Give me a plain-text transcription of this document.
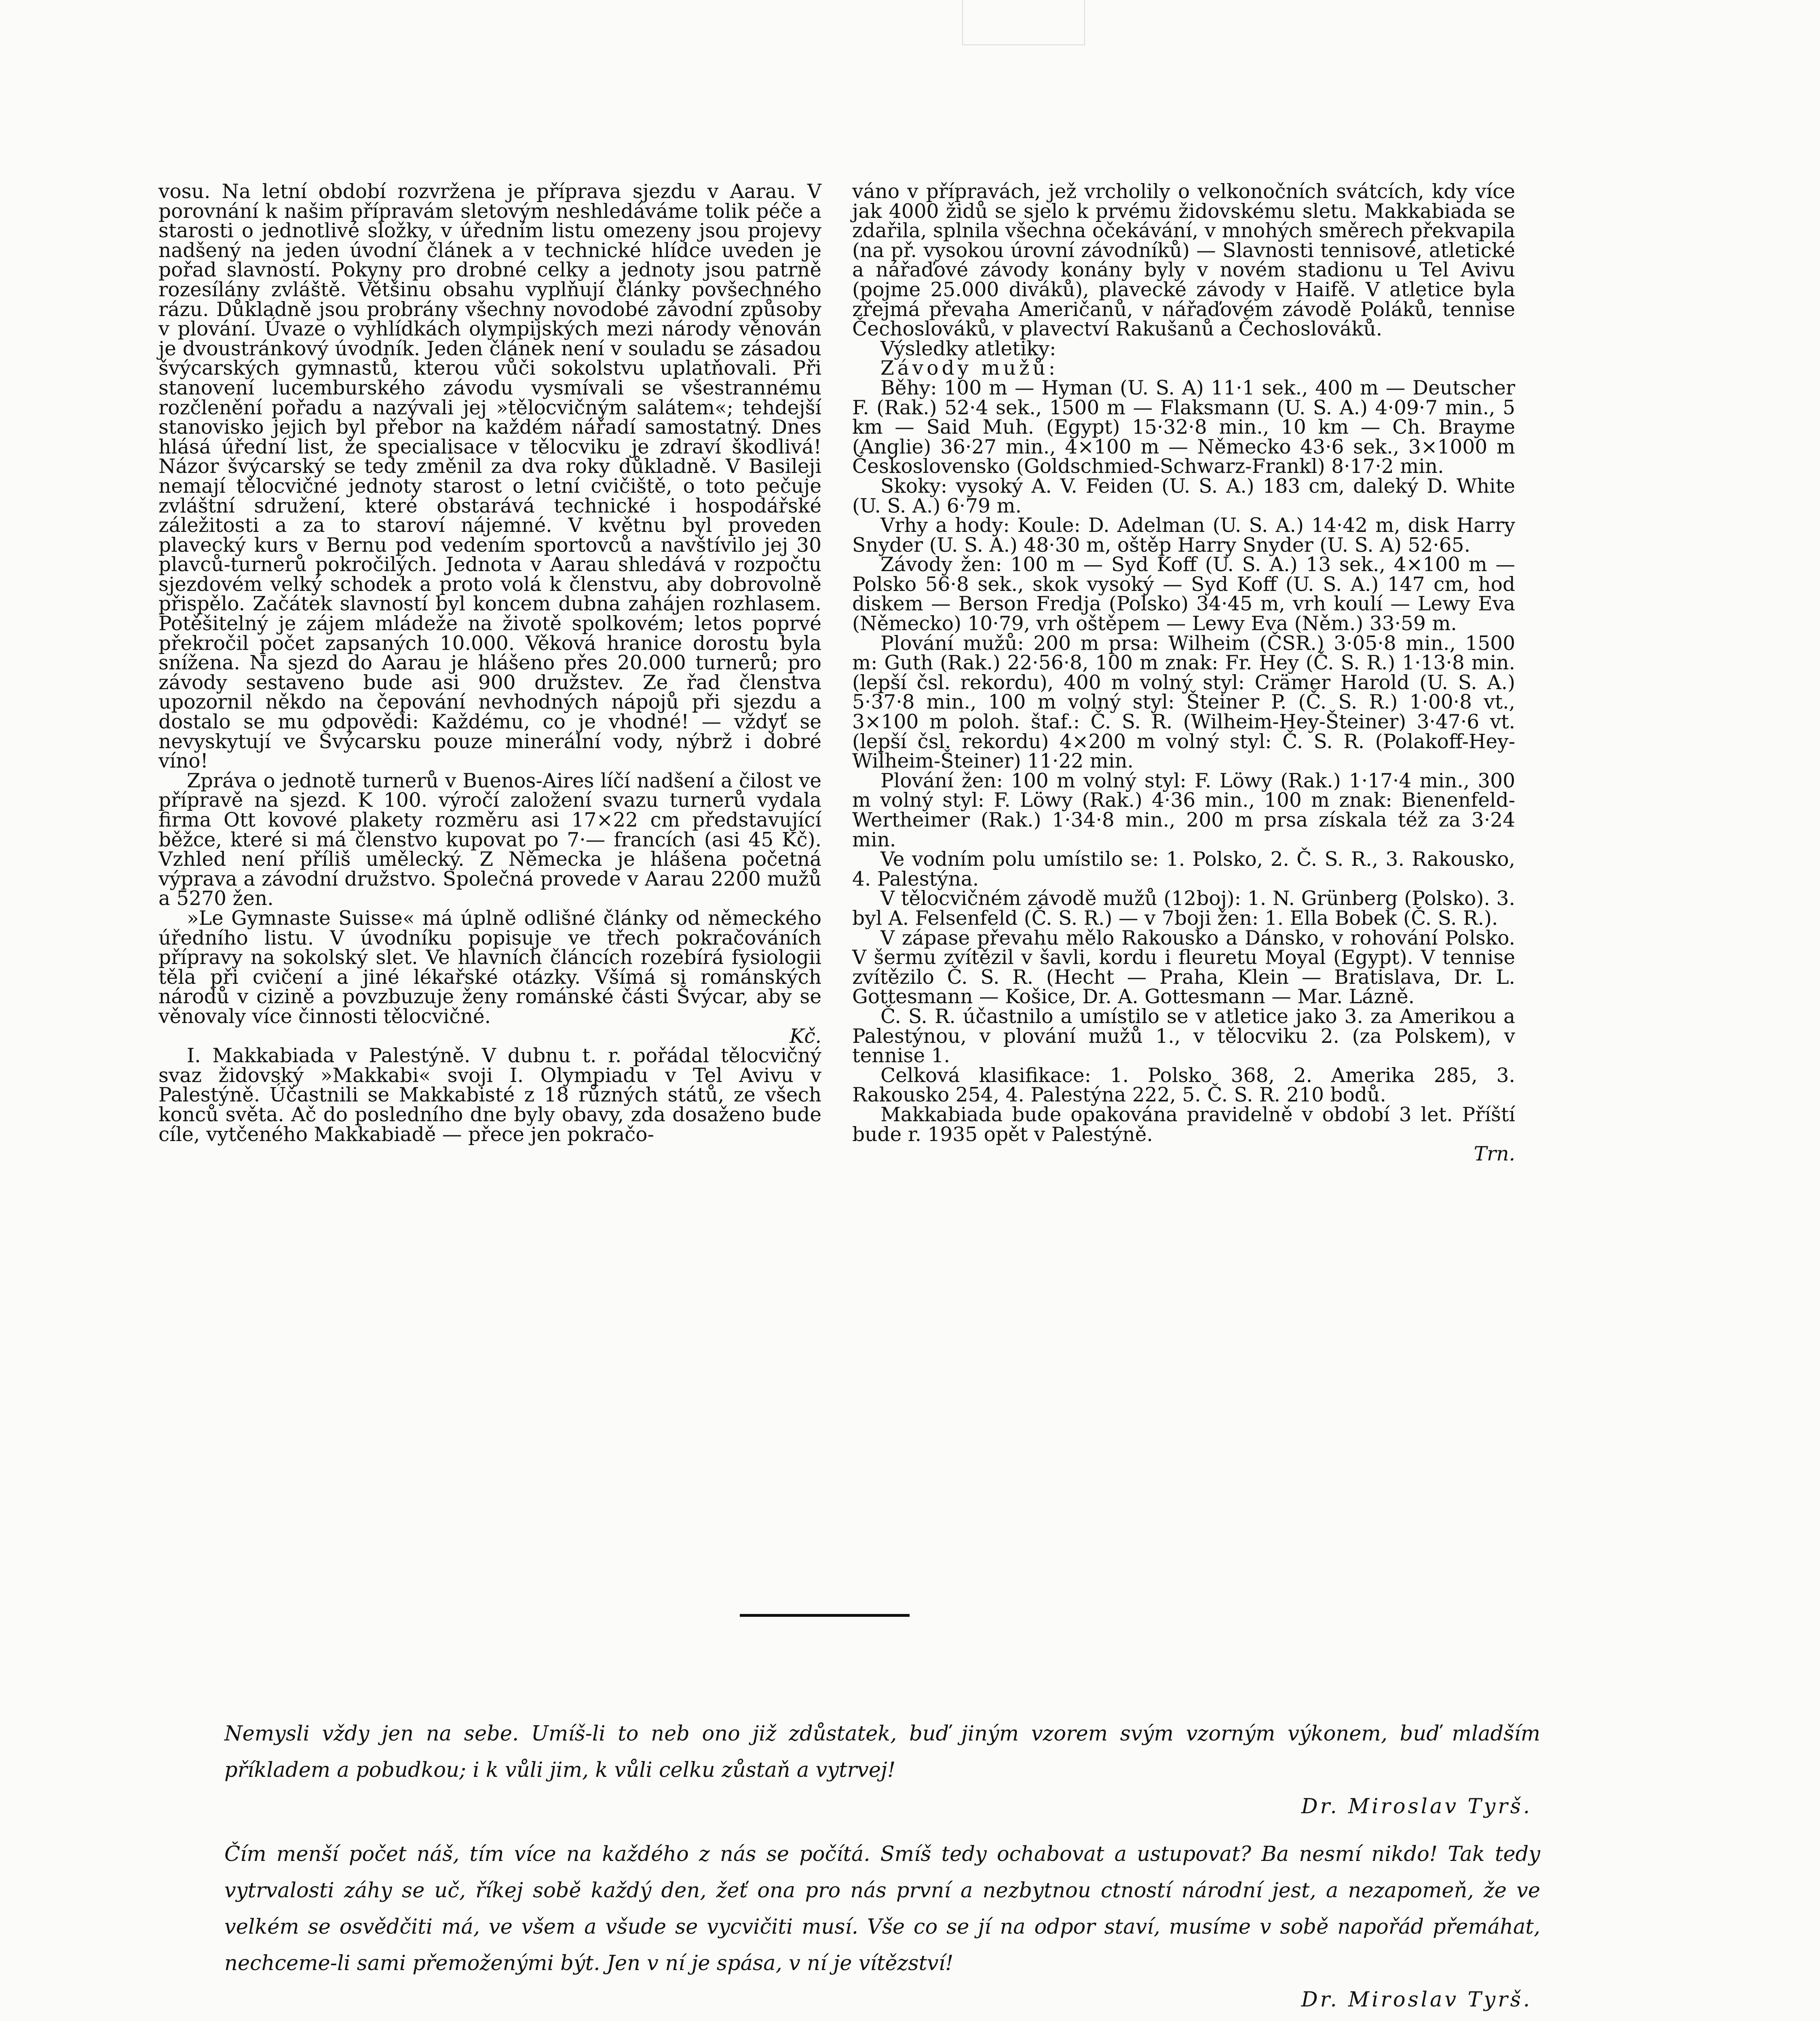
vosu. Na letní období rozvržena je příprava sjezdu v Aarau. V porovnání k našim přípravám sletovým neshledáváme tolik péče a starosti o jednotlivé složky, v úředním listu omezeny jsou projevy nadšený na jeden úvodní článek a v technické hlídce uveden je pořad slavností. Pokyny pro drobné celky a jednoty jsou patrně rozesílány zvláště. Většinu obsahu vyplňují články povšechného rázu. Důkladně jsou probrány všechny novodobé závodní způsoby v plování. Úvaze o vyhlídkách olympijských mezi národy věnován je dvoustránkový úvodník. Jeden článek není v souladu se zásadou švýcarských gymnastů, kterou vůči sokolstvu uplatňovali. Při stanovení lucemburského závodu vysmívali se všestrannému rozčlenění pořadu a nazývali jej »tělocvičným salátem«; tehdejší stanovisko jejich byl přebor na každém nářadí samostatný. Dnes hlásá úřední list, že specialisace v tělocviku je zdraví škodlivá! Názor švýcarský se tedy změnil za dva roky důkladně. V Basileji nemají tělocvičné jednoty starost o letní cvičiště, o toto pečuje zvláštní sdružení, které obstarává technické i hospodářské záležitosti a za to staroví nájemné. V květnu byl proveden plavecký kurs v Bernu pod vedením sportovců a navštívilo jej 30 plavců-turnerů pokročilých. Jednota v Aarau shledává v rozpočtu sjezdovém velký schodek a proto volá k členstvu, aby dobrovolně přispělo. Začátek slavností byl koncem dubna zahájen rozhlasem. Potěšitelný je zájem mládeže na životě spolkovém; letos poprvé překročil počet zapsaných 10.000. Věková hranice dorostu byla snížena. Na sjezd do Aarau je hlášeno přes 20.000 turnerů; pro závody sestaveno bude asi 900 družstev. Ze řad členstva upozornil někdo na čepování nevhodných nápojů při sjezdu a dostalo se mu odpovědi: Každému, co je vhodné! — vždyť se nevyskytují ve Švýcarsku pouze minerální vody, nýbrž i dobré víno!

Zpráva o jednotě turnerů v Buenos-Aires líčí nadšení a čilost ve přípravě na sjezd. K 100. výročí založení svazu turnerů vydala firma Ott kovové plakety rozměru asi 17×22 cm představující běžce, které si má členstvo kupovat po 7·— francích (asi 45 Kč). Vzhled není příliš umělecký. Z Německa je hlášena početná výprava a závodní družstvo. Společná provede v Aarau 2200 mužů a 5270 žen.

»Le Gymnaste Suisse« má úplně odlišné články od německého úředního listu. V úvodníku popisuje ve třech pokračováních přípravy na sokolský slet. Ve hlavních článcích rozebírá fysiologii těla při cvičení a jiné lékařské otázky. Všímá si románských národů v cizině a povzbuzuje ženy románské části Švýcar, aby se věnovaly více činnosti tělocvičné.

Kč.

I. Makkabiada v Palestýně. V dubnu t. r. pořádal tělocvičný svaz židovský »Makkabi« svoji I. Olympiadu v Tel Avivu v Palestýně. Účastnili se Makkabisté z 18 různých států, ze všech konců světa. Ač do posledního dne byly obavy, zda dosaženo bude cíle, vytčeného Makkabiadě — přece jen pokračo-

váno v přípravách, jež vrcholily o velkonočních svátcích, kdy více jak 4000 židů se sjelo k prvému židovskému sletu. Makkabiada se zdařila, splnila všechna očekávání, v mnohých směrech překvapila (na př. vysokou úrovní závodníků) — Slavnosti tennisové, atletické a nářaďové závody konány byly v novém stadionu u Tel Avivu (pojme 25.000 diváků), plavecké závody v Haifě. V atletice byla zřejmá převaha Američanů, v nářaďovém závodě Poláků, tennise Čechoslováků, v plavectví Rakušanů a Čechoslováků.

Výsledky atletiky:

Závody mužů:

Běhy: 100 m — Hyman (U. S. A) 11·1 sek., 400 m — Deutscher F. (Rak.) 52·4 sek., 1500 m — Flaksmann (U. S. A.) 4·09·7 min., 5 km — Said Muh. (Egypt) 15·32·8 min., 10 km — Ch. Brayme (Anglie) 36·27 min., 4×100 m — Německo 43·6 sek., 3×1000 m Československo (Goldschmied-Schwarz-Frankl) 8·17·2 min.

Skoky: vysoký A. V. Feiden (U. S. A.) 183 cm, daleký D. White (U. S. A.) 6·79 m.

Vrhy a hody: Koule: D. Adelman (U. S. A.) 14·42 m, disk Harry Snyder (U. S. A.) 48·30 m, oštěp Harry Snyder (U. S. A) 52·65.

Závody žen: 100 m — Syd Koff (U. S. A.) 13 sek., 4×100 m — Polsko 56·8 sek., skok vysoký — Syd Koff (U. S. A.) 147 cm, hod diskem — Berson Fredja (Polsko) 34·45 m, vrh koulí — Lewy Eva (Německo) 10·79, vrh oštěpem — Lewy Eva (Něm.) 33·59 m.

Plování mužů: 200 m prsa: Wilheim (ČSR.) 3·05·8 min., 1500 m: Guth (Rak.) 22·56·8, 100 m znak: Fr. Hey (Č. S. R.) 1·13·8 min. (lepší čsl. rekordu), 400 m volný styl: Crämer Harold (U. S. A.) 5·37·8 min., 100 m volný styl: Šteiner P. (Č. S. R.) 1·00·8 vt., 3×100 m poloh. štaf.: Č. S. R. (Wilheim-Hey-Šteiner) 3·47·6 vt. (lepší čsl. rekordu) 4×200 m volný styl: Č. S. R. (Polakoff-Hey-Wilheim-Šteiner) 11·22 min.

Plování žen: 100 m volný styl: F. Löwy (Rak.) 1·17·4 min., 300 m volný styl: F. Löwy (Rak.) 4·36 min., 100 m znak: Bienenfeld-Wertheimer (Rak.) 1·34·8 min., 200 m prsa získala též za 3·24 min.

Ve vodním polu umístilo se: 1. Polsko, 2. Č. S. R., 3. Rakousko, 4. Palestýna.

V tělocvičném závodě mužů (12boj): 1. N. Grünberg (Polsko). 3. byl A. Felsenfeld (Č. S. R.) — v 7boji žen: 1. Ella Bobek (Č. S. R.).

V zápase převahu mělo Rakousko a Dánsko, v rohování Polsko. V šermu zvítězil v šavli, kordu i fleuretu Moyal (Egypt). V tennise zvítězilo Č. S. R. (Hecht — Praha, Klein — Bratislava, Dr. L. Gottesmann — Košice, Dr. A. Gottesmann — Mar. Lázně.

Č. S. R. účastnilo a umístilo se v atletice jako 3. za Amerikou a Palestýnou, v plování mužů 1., v tělocviku 2. (za Polskem), v tennise 1.

Celková klasifikace: 1. Polsko 368, 2. Amerika 285, 3. Rakousko 254, 4. Palestýna 222, 5. Č. S. R. 210 bodů.

Makkabiada bude opakována pravidelně v období 3 let. Příští bude r. 1935 opět v Palestýně.

Trn.

Nemysli vždy jen na sebe. Umíš-li to neb ono již zdůstatek, buď jiným vzorem svým vzorným výkonem, buď mladším příkladem a pobudkou; i k vůli jim, k vůli celku zůstaň a vytrvej!

Dr. Miroslav Tyrš.

Čím menší počet náš, tím více na každého z nás se počítá. Smíš tedy ochabovat a ustupovat? Ba nesmí nikdo! Tak tedy vytrvalosti záhy se uč, říkej sobě každý den, žeť ona pro nás první a nezbytnou ctností národní jest, a nezapomeň, že ve velkém se osvědčiti má, ve všem a všude se vycvičiti musí. Vše co se jí na odpor staví, musíme v sobě napořád přemáhat, nechceme-li sami přemoženými být. Jen v ní je spása, v ní je vítězství!

Dr. Miroslav Tyrš.
